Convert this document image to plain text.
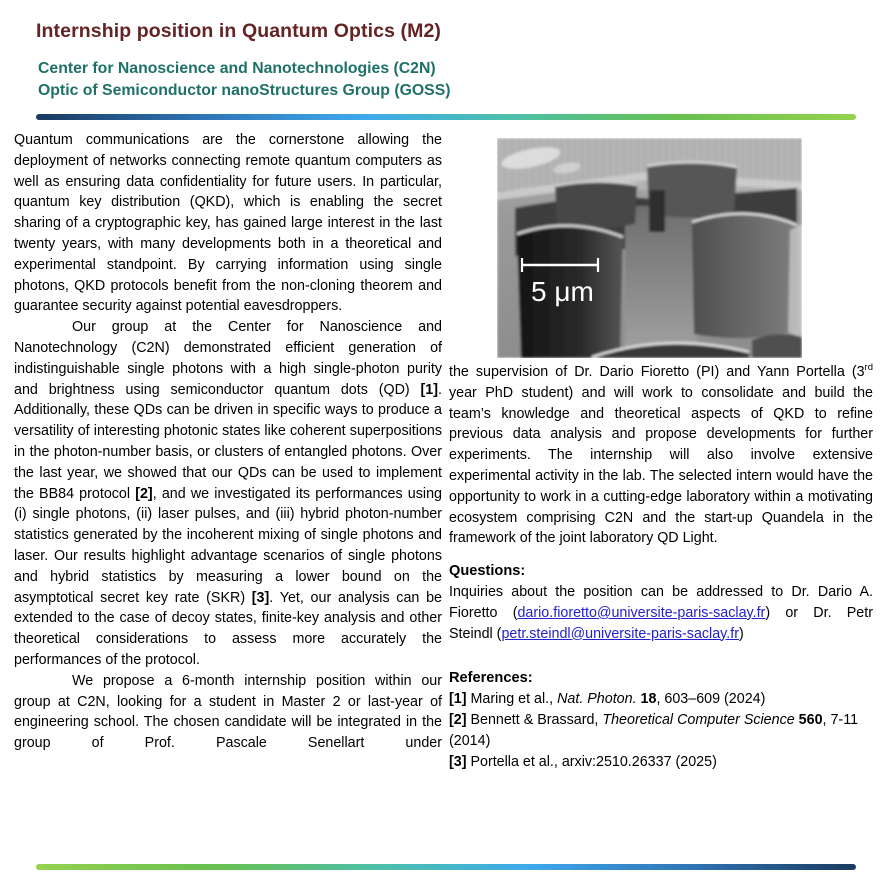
Internship position in Quantum Optics (M2)
Center for Nanoscience and Nanotechnologies (C2N)
Optic of Semiconductor nanoStructures Group (GOSS)

Quantum communications are the cornerstone allowing the deployment of networks connecting remote quantum computers as well as ensuring data confidentiality for future users. In particular, quantum key distribution (QKD), which is enabling the secret sharing of a cryptographic key, has gained large interest in the last twenty years, with many developments both in a theoretical and experimental standpoint. By carrying information using single photons, QKD protocols benefit from the non-cloning theorem and guarantee security against potential eavesdroppers.

Our group at the Center for Nanoscience and Nanotechnology (C2N) demonstrated efficient generation of indistinguishable single photons with a high single-photon purity and brightness using semiconductor quantum dots (QD) [1]. Additionally, these QDs can be driven in specific ways to produce a versatility of interesting photonic states like coherent superpositions in the photon-number basis, or clusters of entangled photons. Over the last year, we showed that our QDs can be used to implement the BB84 protocol [2], and we investigated its performances using (i) single photons, (ii) laser pulses, and (iii) hybrid photon-number statistics generated by the incoherent mixing of single photons and laser. Our results highlight advantage scenarios of single photons and hybrid statistics by measuring a lower bound on the asymptotical secret key rate (SKR) [3]. Yet, our analysis can be extended to the case of decoy states, finite-key analysis and other theoretical considerations to assess more accurately the performances of the protocol.

We propose a 6-month internship position within our group at C2N, looking for a student in Master 2 or last-year of engineering school. The chosen candidate will be integrated in the group of Prof. Pascale Senellart under

5 μm

the supervision of Dr. Dario Fioretto (PI) and Yann Portella (3rd year PhD student) and will work to consolidate and build the team’s knowledge and theoretical aspects of QKD to refine previous data analysis and propose developments for further experiments. The internship will also involve extensive experimental activity in the lab. The selected intern would have the opportunity to work in a cutting-edge laboratory within a motivating ecosystem comprising C2N and the start-up Quandela in the framework of the joint laboratory QD Light.

Questions:

Inquiries about the position can be addressed to Dr. Dario A. Fioretto (dario.fioretto@universite-paris-saclay.fr) or Dr. Petr Steindl (petr.steindl@universite-paris-saclay.fr)

References:

[1] Maring et al., Nat. Photon. 18, 603–609 (2024)

[2] Bennett & Brassard, Theoretical Computer Science 560, 7-11 (2014)

[3] Portella et al., arxiv:2510.26337 (2025)
